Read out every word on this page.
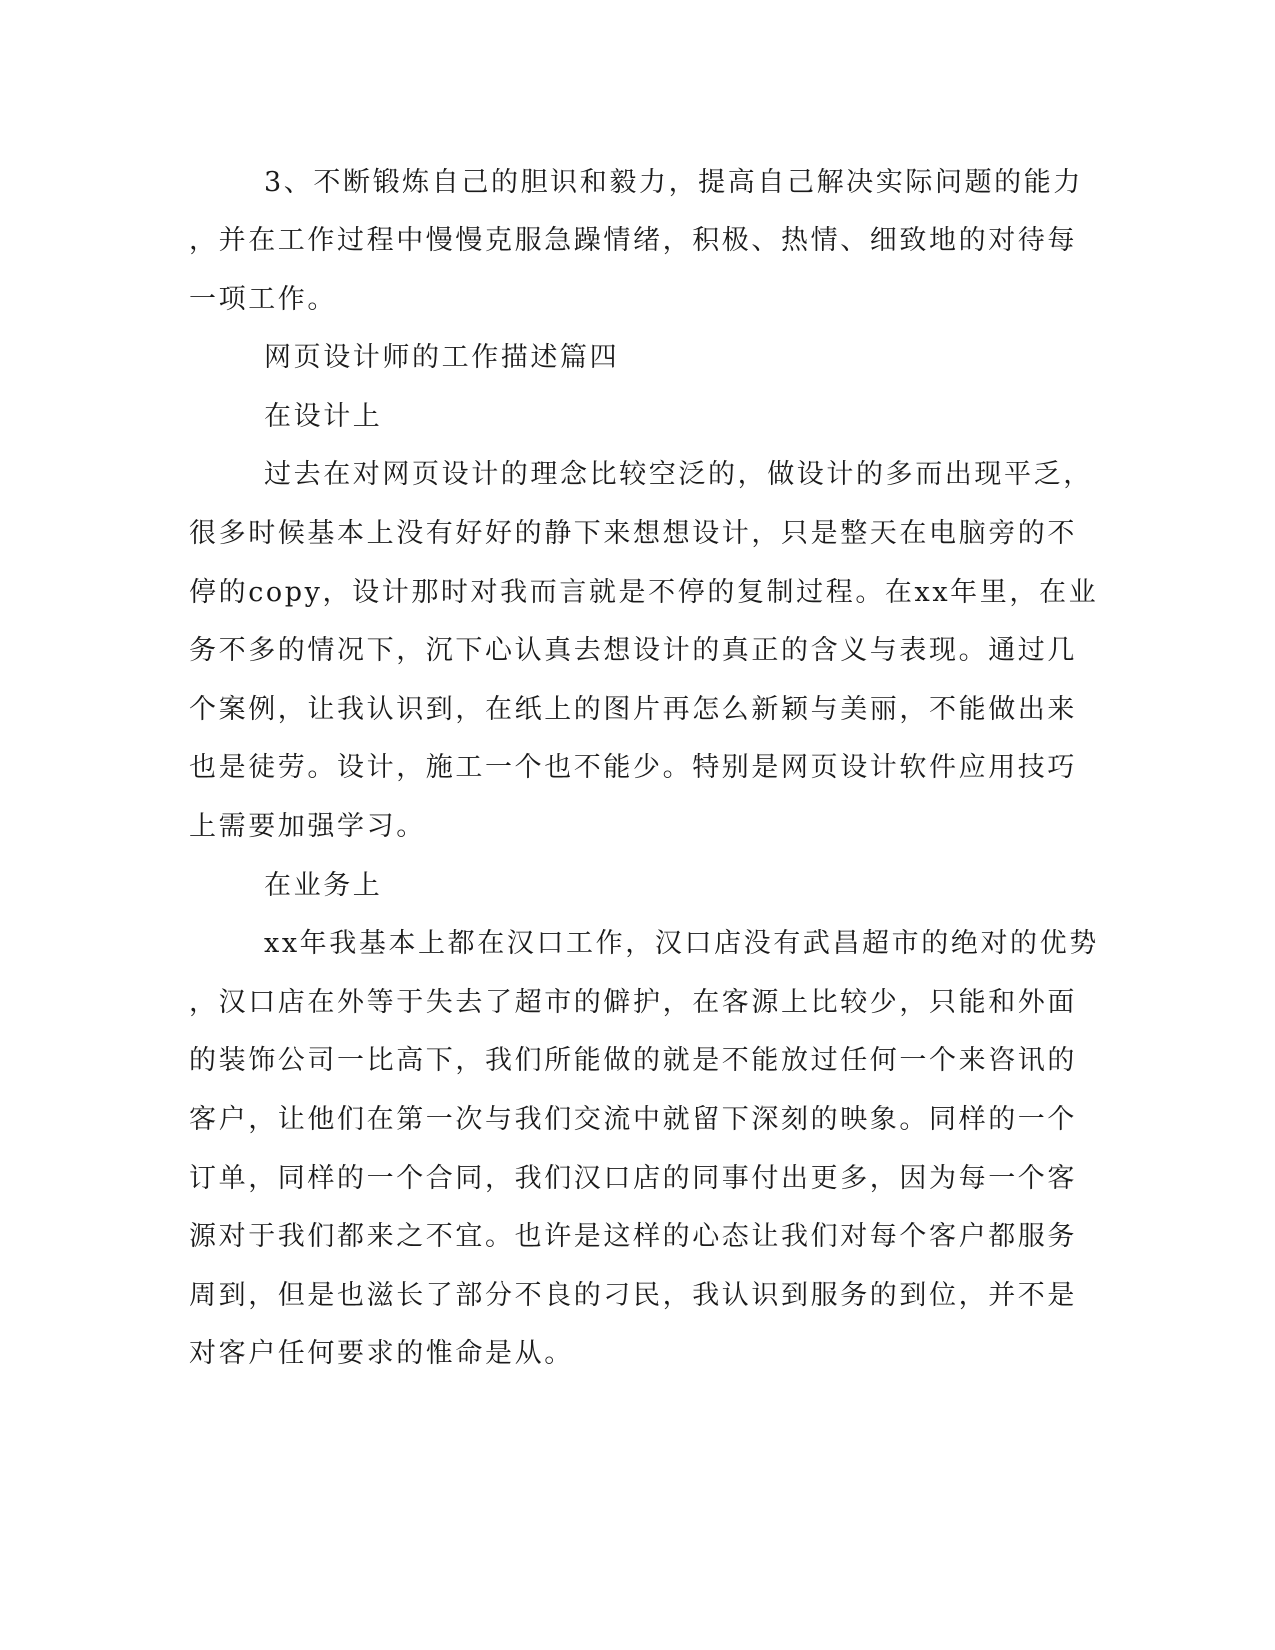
3、不断锻炼自己的胆识和毅力，提高自己解决实际问题的能力
，并在工作过程中慢慢克服急躁情绪，积极、热情、细致地的对待每
一项工作。
网页设计师的工作描述篇四
在设计上
过去在对网页设计的理念比较空泛的，做设计的多而出现平乏，
很多时候基本上没有好好的静下来想想设计，只是整天在电脑旁的不
停的copy，设计那时对我而言就是不停的复制过程。在xx年里，在业
务不多的情况下，沉下心认真去想设计的真正的含义与表现。通过几
个案例，让我认识到，在纸上的图片再怎么新颖与美丽，不能做出来
也是徒劳。设计，施工一个也不能少。特别是网页设计软件应用技巧
上需要加强学习。
在业务上
xx年我基本上都在汉口工作，汉口店没有武昌超市的绝对的优势
，汉口店在外等于失去了超市的僻护，在客源上比较少，只能和外面
的装饰公司一比高下，我们所能做的就是不能放过任何一个来咨讯的
客户，让他们在第一次与我们交流中就留下深刻的映象。同样的一个
订单，同样的一个合同，我们汉口店的同事付出更多，因为每一个客
源对于我们都来之不宜。也许是这样的心态让我们对每个客户都服务
周到，但是也滋长了部分不良的刁民，我认识到服务的到位，并不是
对客户任何要求的惟命是从。
